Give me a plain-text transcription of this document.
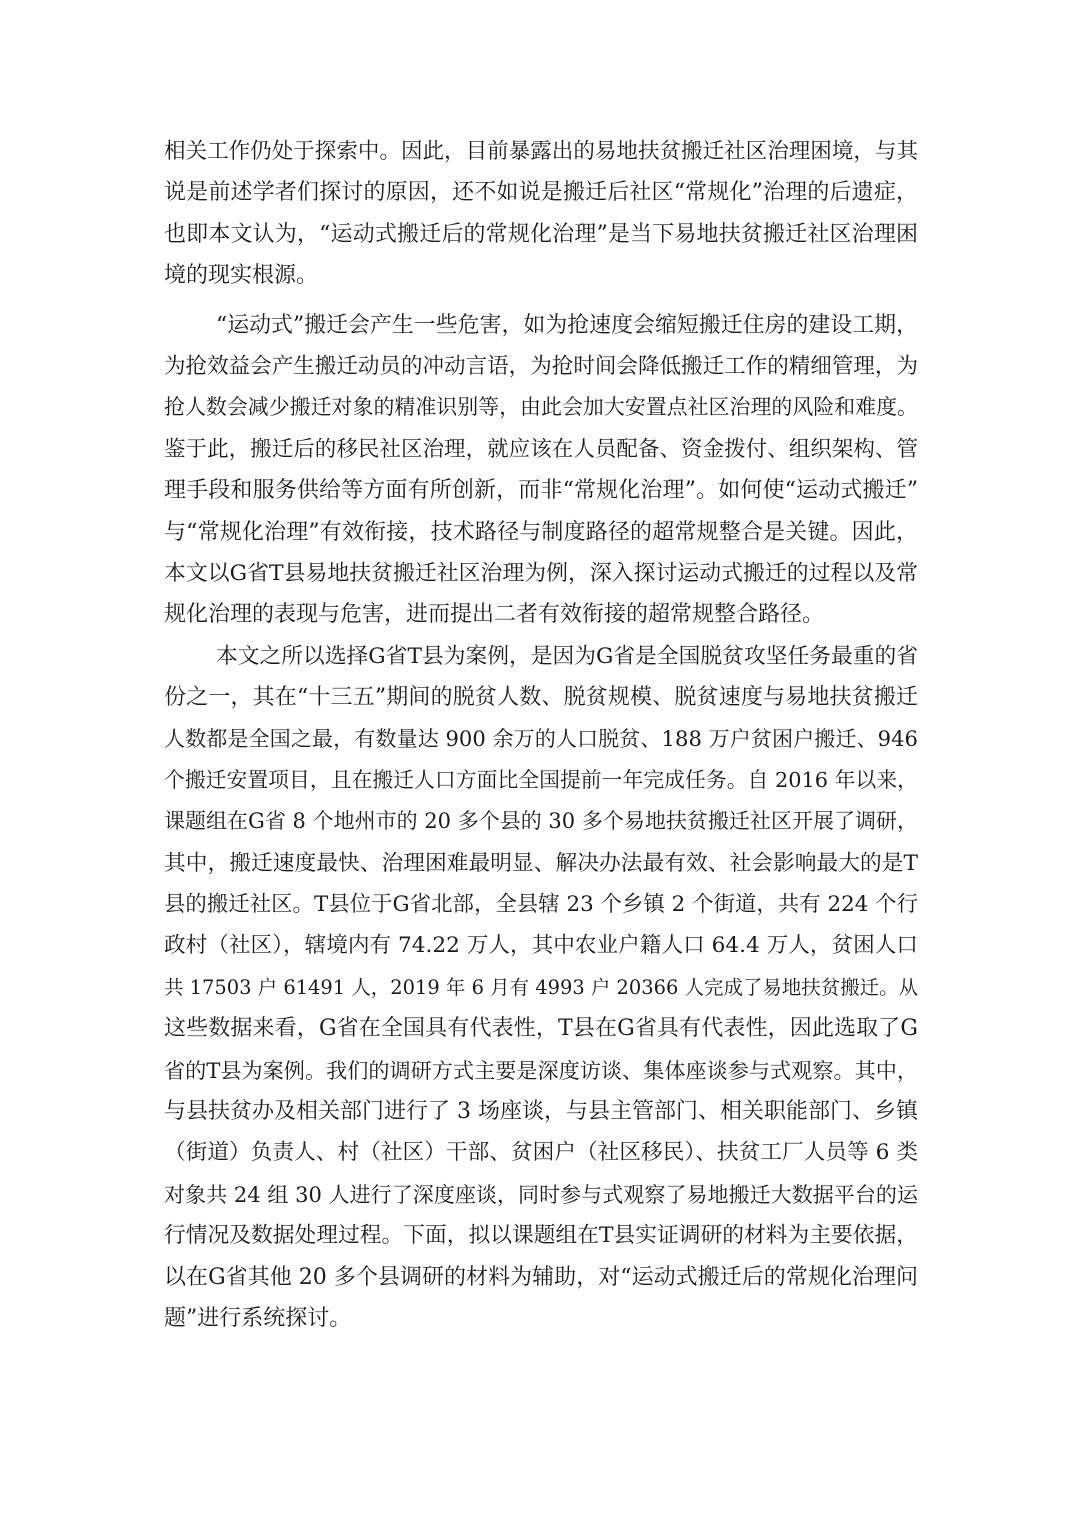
相关工作仍处于探索中。因此，目前暴露出的易地扶贫搬迁社区治理困境，与其
说是前述学者们探讨的原因，还不如说是搬迁后社区“常规化”治理的后遗症，
也即本文认为，“运动式搬迁后的常规化治理”是当下易地扶贫搬迁社区治理困
境的现实根源。
“运动式”搬迁会产生一些危害，如为抢速度会缩短搬迁住房的建设工期，
为抢效益会产生搬迁动员的冲动言语，为抢时间会降低搬迁工作的精细管理，为
抢人数会减少搬迁对象的精准识别等，由此会加大安置点社区治理的风险和难度。
鉴于此，搬迁后的移民社区治理，就应该在人员配备、资金拨付、组织架构、管
理手段和服务供给等方面有所创新，而非“常规化治理”。如何使“运动式搬迁”
与“常规化治理”有效衔接，技术路径与制度路径的超常规整合是关键。因此，
本文以G省T县易地扶贫搬迁社区治理为例，深入探讨运动式搬迁的过程以及常
规化治理的表现与危害，进而提出二者有效衔接的超常规整合路径。
本文之所以选择G省T县为案例，是因为G省是全国脱贫攻坚任务最重的省
份之一，其在“十三五”期间的脱贫人数、脱贫规模、脱贫速度与易地扶贫搬迁
人数都是全国之最，有数量达 900 余万的人口脱贫、188 万户贫困户搬迁、946
个搬迁安置项目，且在搬迁人口方面比全国提前一年完成任务。自 2016 年以来，
课题组在G省 8 个地州市的 20 多个县的 30 多个易地扶贫搬迁社区开展了调研，
其中，搬迁速度最快、治理困难最明显、解决办法最有效、社会影响最大的是T
县的搬迁社区。T县位于G省北部，全县辖 23 个乡镇 2 个街道，共有 224 个行
政村（社区），辖境内有 74.22 万人，其中农业户籍人口 64.4 万人，贫困人口
共 17503 户 61491 人，2019 年 6 月有 4993 户 20366 人完成了易地扶贫搬迁。从
这些数据来看，G省在全国具有代表性，T县在G省具有代表性，因此选取了G
省的T县为案例。我们的调研方式主要是深度访谈、集体座谈参与式观察。其中，
与县扶贫办及相关部门进行了 3 场座谈，与县主管部门、相关职能部门、乡镇
（街道）负责人、村（社区）干部、贫困户（社区移民）、扶贫工厂人员等 6 类
对象共 24 组 30 人进行了深度座谈，同时参与式观察了易地搬迁大数据平台的运
行情况及数据处理过程。下面，拟以课题组在T县实证调研的材料为主要依据，
以在G省其他 20 多个县调研的材料为辅助，对“运动式搬迁后的常规化治理问
题”进行系统探讨。
